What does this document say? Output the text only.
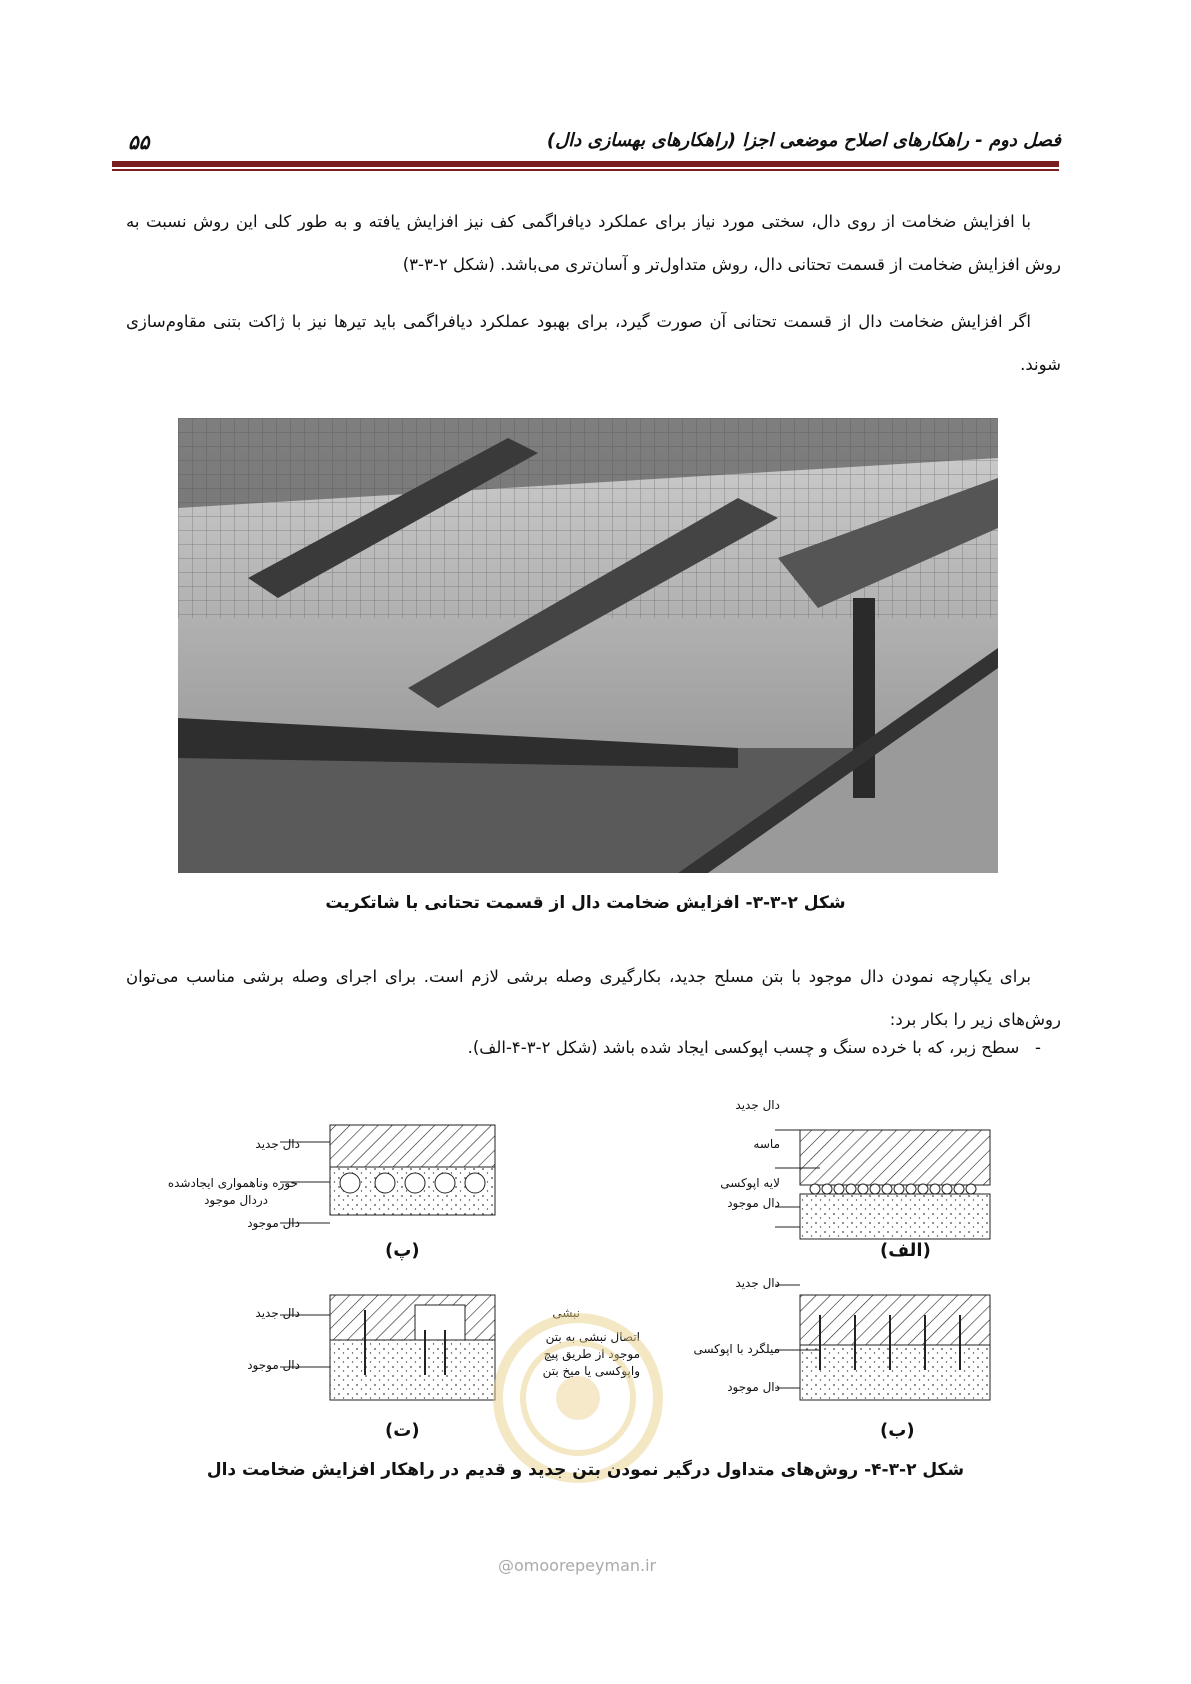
فصل دوم - راهکارهای اصلاح موضعی اجزا (راهکارهای بهسازی دال)
۵۵
با افزایش ضخامت از روی دال، سختی مورد نیاز برای عملکرد دیافراگمی کف نیز افزایش یافته و به طور کلی این روش نسبت به روش افزایش ضخامت از قسمت تحتانی دال، روش متداول‌تر و آسان‌تری می‌باشد. (شکل ۲-۳-۳)
اگر افزایش ضخامت دال از قسمت تحتانی آن صورت گیرد، برای بهبود عملکرد دیافراگمی باید تیرها نیز با ژاکت بتنی مقاوم‌سازی شوند.
شکل ۲-۳-۳- افزایش ضخامت دال از قسمت تحتانی با شاتکریت
برای یکپارچه نمودن دال موجود با بتن مسلح جدید، بکارگیری وصله برشی لازم است. برای اجرای وصله برشی مناسب می‌توان روش‌های زیر را بکار برد:
-   سطح زبر، که با خرده سنگ و چسب اپوکسی ایجاد شده باشد (شکل ۲-۳-۴-الف).
دال جدید
حوزه وناهمواری ایجادشده
دردال موجود
دال موجود
(پ)
دال جدید
ماسه
لایه اپوکسی
دال موجود
(الف)
دال جدید
دال موجود
نبشی
اتصال نبشی به بتن
موجود از طریق پیچ
واپوکسی یا میخ بتن
(ت)
دال جدید
میلگرد با اپوکسی
دال موجود
(ب)
شکل ۲-۳-۴- روش‌های متداول درگیر نمودن بتن جدید و قدیم در راهکار افزایش ضخامت دال
@omoorepeyman.ir
